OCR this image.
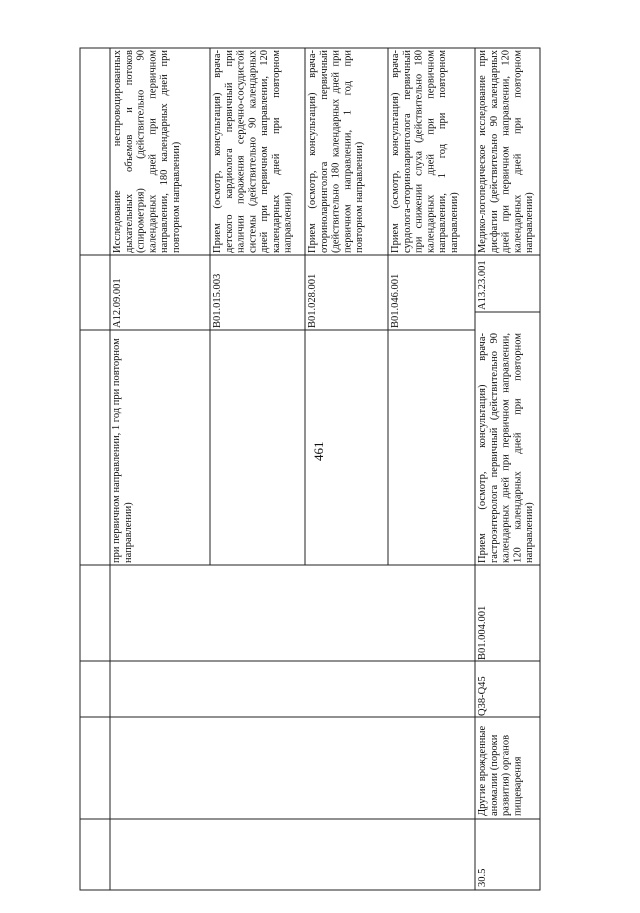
461
при первичном направлении, 1 год при повторном направлении)
A12.09.001
Исследование неспровоцированных дыхательных объемов и потоков (спирометрия) (действительно 90 календарных дней при первичном направлении, 180 календарных дней при повторном направлении)
B01.015.003
Прием (осмотр, консультация) врача-детского кардиолога первичный при наличии поражения сердечно-сосудистой системы (действительно 90 календарных дней при первичном направлении, 120 календарных дней при повторном направлении)
B01.028.001
Прием (осмотр, консультация) врача-оториноларинголога первичный (действительно 180 календарных дней при первичном направлении, 1 год при повторном направлении)
B01.046.001
Прием (осмотр, консультация) врача-сурдолога-оториноларинголога первичный при снижении слуха (действительно 180 календарных дней при первичном направлении, 1 год при повторном направлении)
30.5
Другие врожденные аномалии (пороки развития) органов пищеварения
Q38-Q45
B01.004.001
Прием (осмотр, консультация) врача-гастроэнтеролога первичный (действительно 90 календарных дней при первичном направлении, 120 календарных дней при повторном направлении)
A13.23.001
Медико-логопедическое исследование при дисфагии (действительно 90 календарных дней при первичном направлении, 120 календарных дней при повторном направлении)
